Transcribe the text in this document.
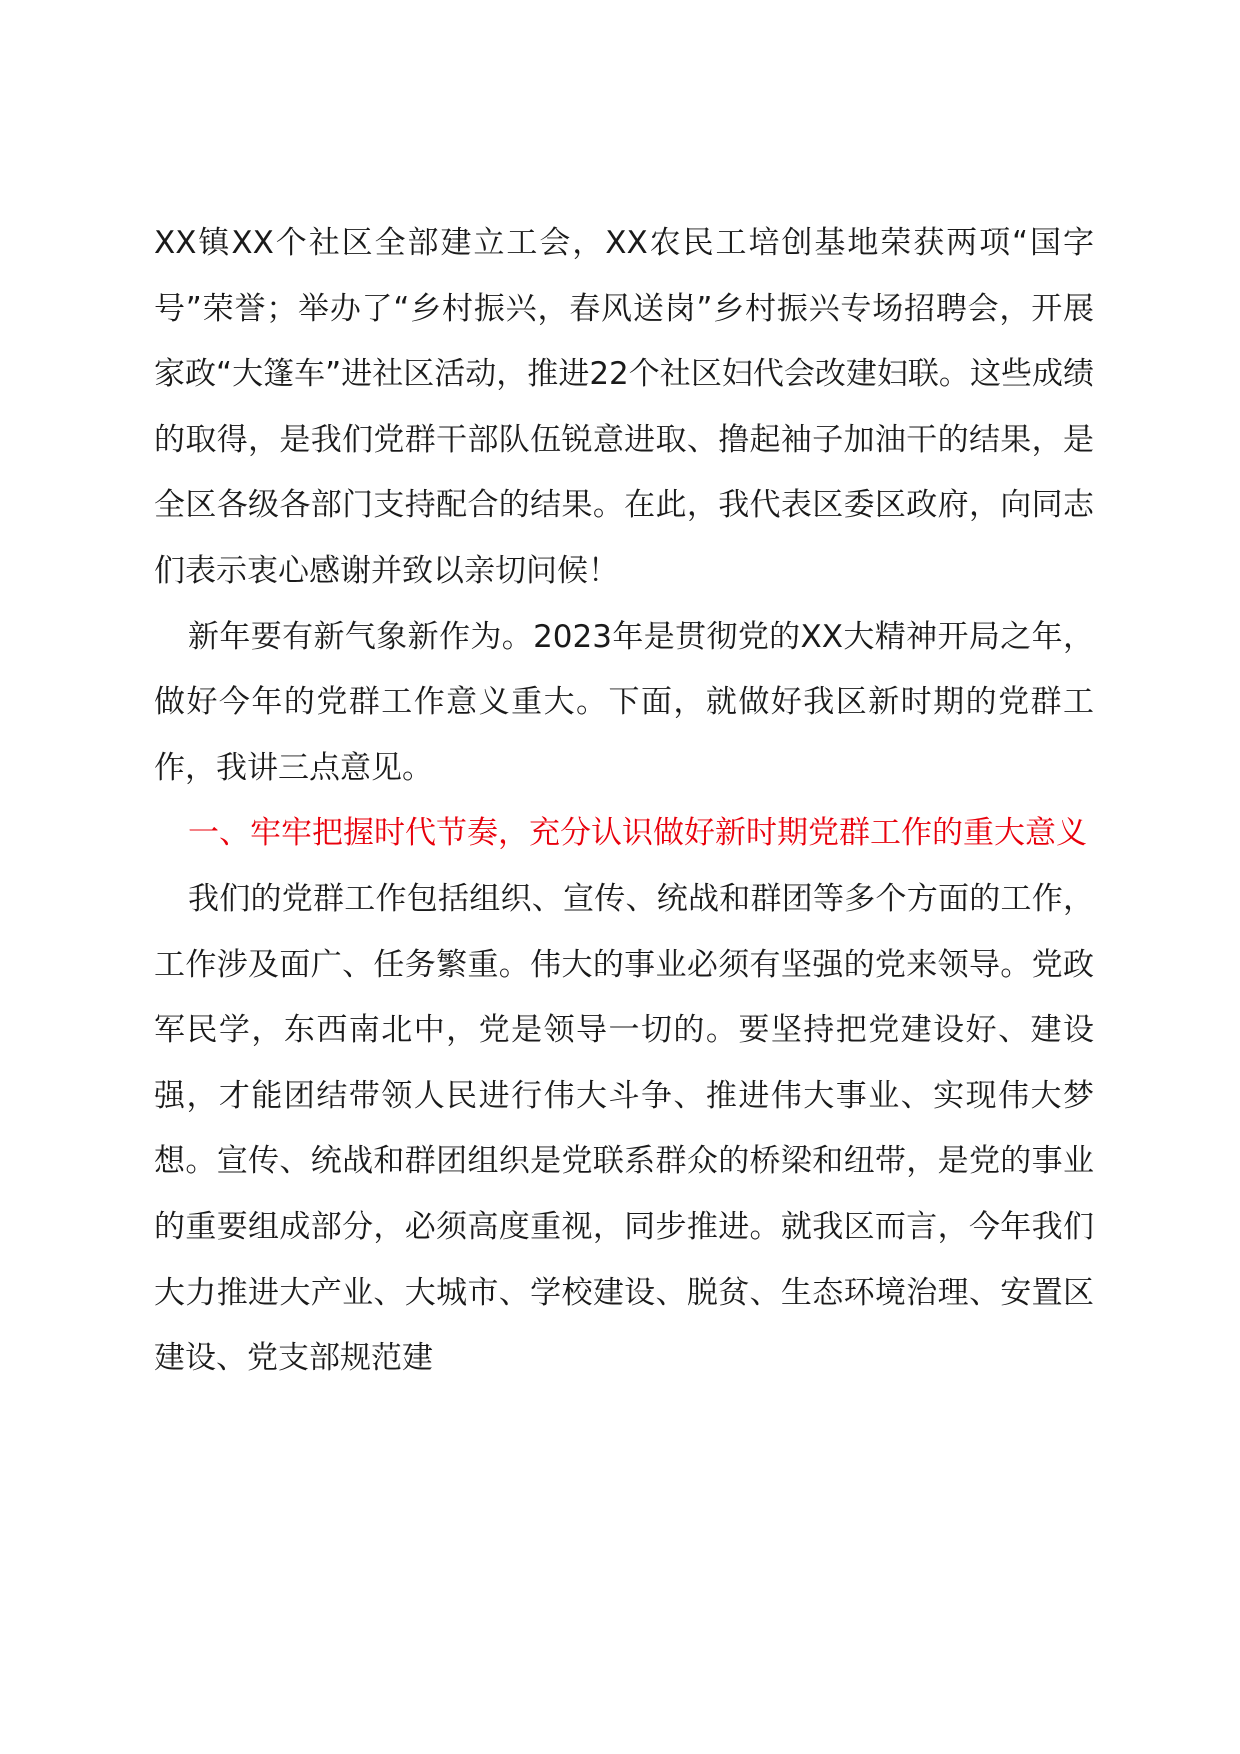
XX镇XX个社区全部建立工会，XX农民工培创基地荣获两项“国字号”荣誉；举办了“乡村振兴，春风送岗”乡村振兴专场招聘会，开展家政“大篷车”进社区活动，推进22个社区妇代会改建妇联。这些成绩的取得，是我们党群干部队伍锐意进取、撸起袖子加油干的结果，是全区各级各部门支持配合的结果。在此，我代表区委区政府，向同志们表示衷心感谢并致以亲切问候！

新年要有新气象新作为。2023年是贯彻党的XX大精神开局之年，做好今年的党群工作意义重大。下面，就做好我区新时期的党群工作，我讲三点意见。

一、牢牢把握时代节奏，充分认识做好新时期党群工作的重大意义

我们的党群工作包括组织、宣传、统战和群团等多个方面的工作，工作涉及面广、任务繁重。伟大的事业必须有坚强的党来领导。党政军民学，东西南北中，党是领导一切的。要坚持把党建设好、建设强，才能团结带领人民进行伟大斗争、推进伟大事业、实现伟大梦想。宣传、统战和群团组织是党联系群众的桥梁和纽带，是党的事业的重要组成部分，必须高度重视，同步推进。就我区而言，今年我们大力推进大产业、大城市、学校建设、脱贫、生态环境治理、安置区建设、党支部规范建
